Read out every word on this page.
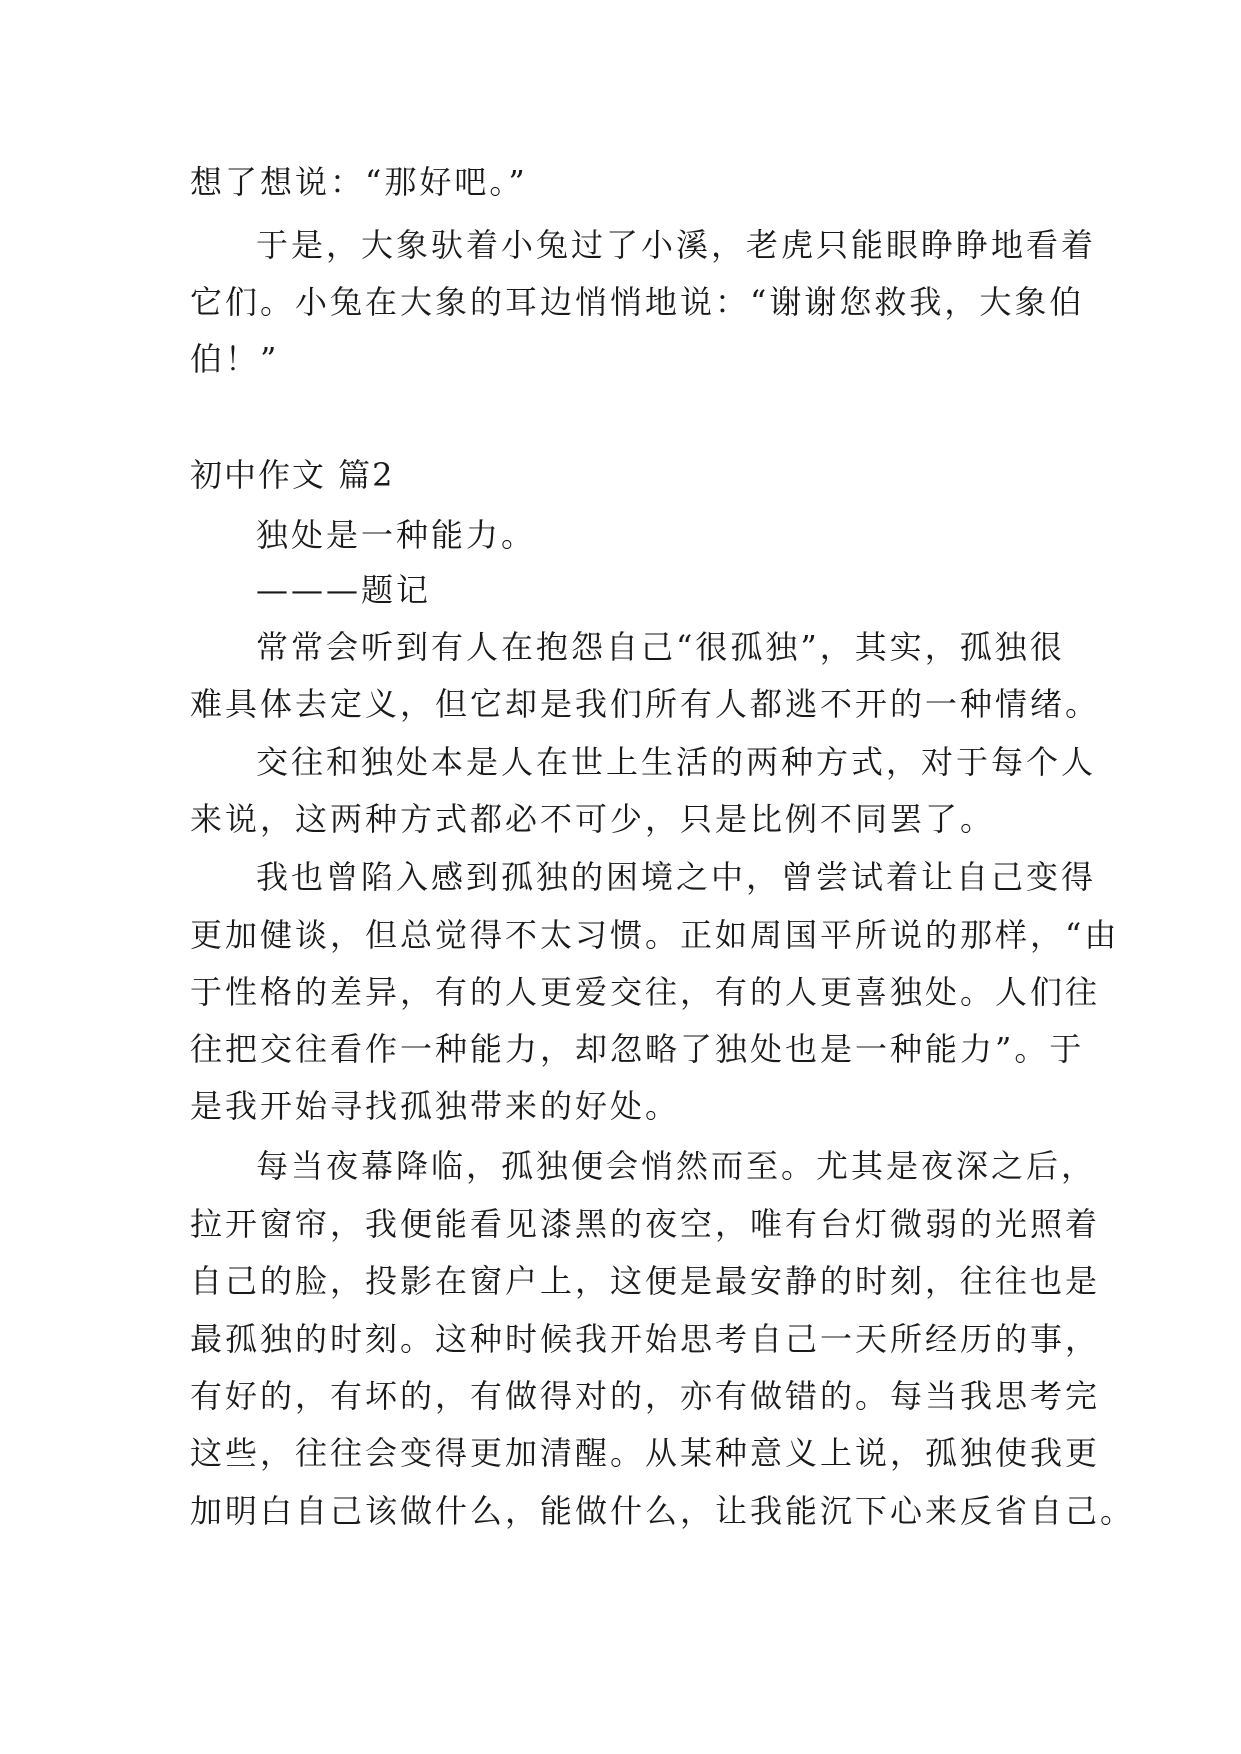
想了想说：“那好吧。”
于是，大象驮着小兔过了小溪，老虎只能眼睁睁地看着
它们。小兔在大象的耳边悄悄地说：“谢谢您救我，大象伯
伯！”
初中作文 篇2
独处是一种能力。
———题记
常常会听到有人在抱怨自己“很孤独”，其实，孤独很
难具体去定义，但它却是我们所有人都逃不开的一种情绪。
交往和独处本是人在世上生活的两种方式，对于每个人
来说，这两种方式都必不可少，只是比例不同罢了。
我也曾陷入感到孤独的困境之中，曾尝试着让自己变得
更加健谈，但总觉得不太习惯。正如周国平所说的那样，“由
于性格的差异，有的人更爱交往，有的人更喜独处。人们往
往把交往看作一种能力，却忽略了独处也是一种能力”。于
是我开始寻找孤独带来的好处。
每当夜幕降临，孤独便会悄然而至。尤其是夜深之后，
拉开窗帘，我便能看见漆黑的夜空，唯有台灯微弱的光照着
自己的脸，投影在窗户上，这便是最安静的时刻，往往也是
最孤独的时刻。这种时候我开始思考自己一天所经历的事，
有好的，有坏的，有做得对的，亦有做错的。每当我思考完
这些，往往会变得更加清醒。从某种意义上说，孤独使我更
加明白自己该做什么，能做什么，让我能沉下心来反省自己。
